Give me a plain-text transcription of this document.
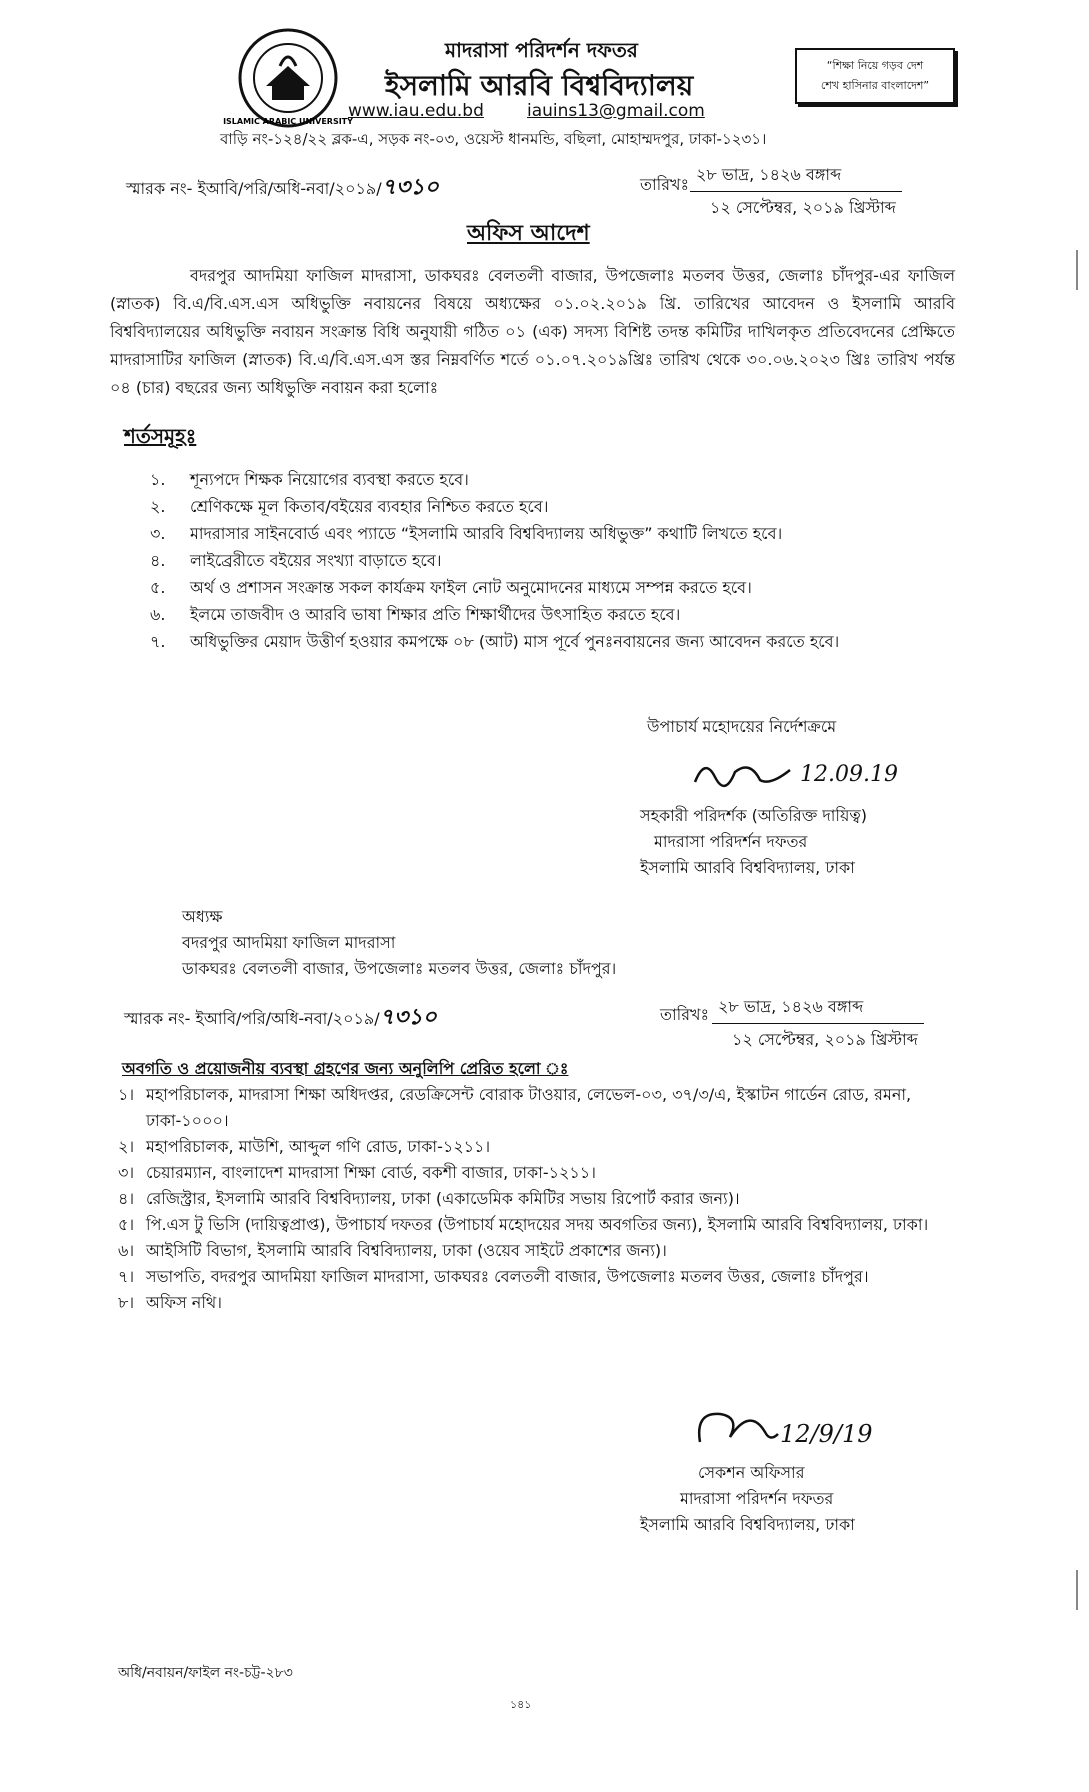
ISLAMIC ARABIC UNIVERSITY
মাদরাসা পরিদর্শন দফতর
ইসলামি আরবি বিশ্ববিদ্যালয়
www.iau.edu.bd	iauins13@gmail.com
বাড়ি নং-১২৪/২২ ব্লক-এ, সড়ক নং-০৩, ওয়েস্ট ধানমন্ডি, বছিলা, মোহাম্মদপুর, ঢাকা-১২৩১।
“শিক্ষা নিয়ে গড়ব দেশ
শেখ হাসিনার বাংলাদেশ”
স্মারক নং- ইআবি/পরি/অধি-নবা/২০১৯/৭৩১০	তারিখঃ
২৮ ভাদ্র, ১৪২৬ বঙ্গাব্দ
১২ সেপ্টেম্বর, ২০১৯ খ্রিস্টাব্দ
অফিস আদেশ
বদরপুর আদমিয়া ফাজিল মাদরাসা, ডাকঘরঃ বেলতলী বাজার, উপজেলাঃ মতলব উত্তর, জেলাঃ চাঁদপুর-এর ফাজিল (স্নাতক) বি.এ/বি.এস.এস অধিভুক্তি নবায়নের বিষয়ে অধ্যক্ষের ০১.০২.২০১৯ খ্রি. তারিখের আবেদন ও ইসলামি আরবি বিশ্ববিদ্যালয়ের অধিভুক্তি নবায়ন সংক্রান্ত বিধি অনুযায়ী গঠিত ০১ (এক) সদস্য বিশিষ্ট তদন্ত কমিটির দাখিলকৃত প্রতিবেদনের প্রেক্ষিতে মাদরাসাটির ফাজিল (স্নাতক) বি.এ/বি.এস.এস স্তর নিম্নবর্ণিত শর্তে ০১.০৭.২০১৯খ্রিঃ তারিখ থেকে ৩০.০৬.২০২৩ খ্রিঃ তারিখ পর্যন্ত ০৪ (চার) বছরের জন্য অধিভুক্তি নবায়ন করা হলোঃ
শর্তসমূহঃ
১.	শূন্যপদে শিক্ষক নিয়োগের ব্যবস্থা করতে হবে।
২.	শ্রেণিকক্ষে মূল কিতাব/বইয়ের ব্যবহার নিশ্চিত করতে হবে।
৩.	মাদরাসার সাইনবোর্ড এবং প্যাডে “ইসলামি আরবি বিশ্ববিদ্যালয় অধিভুক্ত” কথাটি লিখতে হবে।
৪.	লাইব্রেরীতে বইয়ের সংখ্যা বাড়াতে হবে।
৫.	অর্থ ও প্রশাসন সংক্রান্ত সকল কার্যক্রম ফাইল নোট অনুমোদনের মাধ্যমে সম্পন্ন করতে হবে।
৬.	ইলমে তাজবীদ ও আরবি ভাষা শিক্ষার প্রতি শিক্ষার্থীদের উৎসাহিত করতে হবে।
৭.	অধিভুক্তির মেয়াদ উত্তীর্ণ হওয়ার কমপক্ষে ০৮ (আট) মাস পূর্বে পুনঃনবায়নের জন্য আবেদন করতে হবে।
উপাচার্য মহোদয়ের নির্দেশক্রমে
12.09.19
সহকারী পরিদর্শক (অতিরিক্ত দায়িত্ব)
মাদরাসা পরিদর্শন দফতর
ইসলামি আরবি বিশ্ববিদ্যালয়, ঢাকা
অধ্যক্ষ
বদরপুর আদমিয়া ফাজিল মাদরাসা
ডাকঘরঃ বেলতলী বাজার, উপজেলাঃ মতলব উত্তর, জেলাঃ চাঁদপুর।
স্মারক নং- ইআবি/পরি/অধি-নবা/২০১৯/৭৩১০	তারিখঃ ২৮ ভাদ্র, ১৪২৬ বঙ্গাব্দ
১২ সেপ্টেম্বর, ২০১৯ খ্রিস্টাব্দ
অবগতি ও প্রয়োজনীয় ব্যবস্থা গ্রহণের জন্য অনুলিপি প্রেরিত হলো ঃ
১। মহাপরিচালক, মাদরাসা শিক্ষা অধিদপ্তর, রেডক্রিসেন্ট বোরাক টাওয়ার, লেভেল-০৩, ৩৭/৩/এ, ইস্কাটন গার্ডেন রোড, রমনা, ঢাকা-১০০০।
২। মহাপরিচালক, মাউশি, আব্দুল গণি রোড, ঢাকা-১২১১।
৩। চেয়ারম্যান, বাংলাদেশ মাদরাসা শিক্ষা বোর্ড, বকশী বাজার, ঢাকা-১২১১।
৪। রেজিস্ট্রার, ইসলামি আরবি বিশ্ববিদ্যালয়, ঢাকা (একাডেমিক কমিটির সভায় রিপোর্ট করার জন্য)।
৫। পি.এস টু ভিসি (দায়িত্বপ্রাপ্ত), উপাচার্য দফতর (উপাচার্য মহোদয়ের সদয় অবগতির জন্য), ইসলামি আরবি বিশ্ববিদ্যালয়, ঢাকা।
৬। আইসিটি বিভাগ, ইসলামি আরবি বিশ্ববিদ্যালয়, ঢাকা (ওয়েব সাইটে প্রকাশের জন্য)।
৭। সভাপতি, বদরপুর আদমিয়া ফাজিল মাদরাসা, ডাকঘরঃ বেলতলী বাজার, উপজেলাঃ মতলব উত্তর, জেলাঃ চাঁদপুর।
৮। অফিস নথি।
12/9/19
সেকশন অফিসার
মাদরাসা পরিদর্শন দফতর
ইসলামি আরবি বিশ্ববিদ্যালয়, ঢাকা
অধি/নবায়ন/ফাইল নং-চট্ট-২৮৩
১৪১
